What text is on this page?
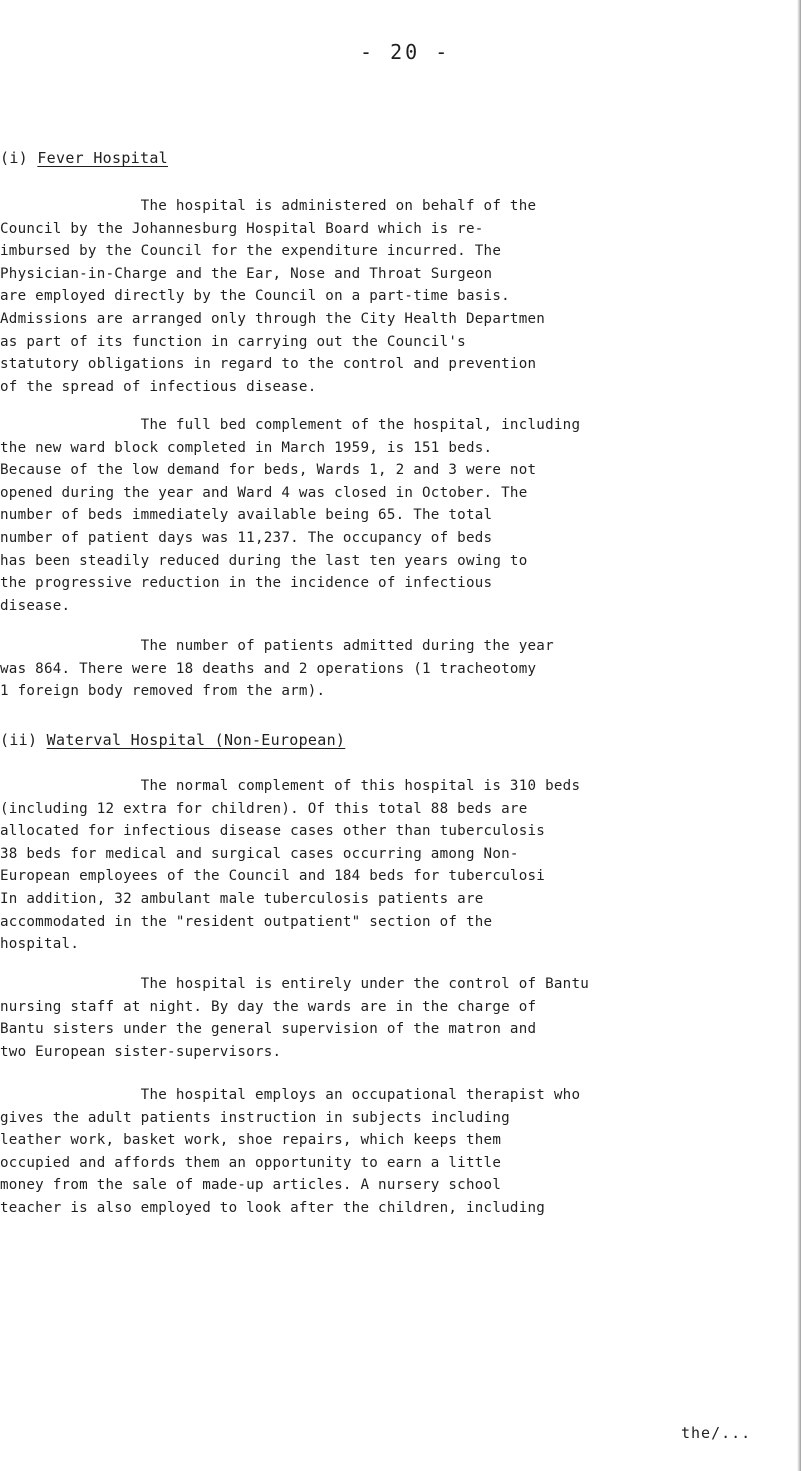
- 20 -
(i) Fever Hospital
The hospital is administered on behalf of the
Council by the Johannesburg Hospital Board which is re-
imbursed by the Council for the expenditure incurred. The
Physician-in-Charge and the Ear, Nose and Throat Surgeon
are employed directly by the Council on a part-time basis.
Admissions are arranged only through the City Health Departmen
as part of its function in carrying out the Council's
statutory obligations in regard to the control and prevention
of the spread of infectious disease.
The full bed complement of the hospital, including
the new ward block completed in March 1959, is 151 beds.
Because of the low demand for beds, Wards 1, 2 and 3 were not
opened during the year and Ward 4 was closed in October. The
number of beds immediately available being 65. The total
number of patient days was 11,237. The occupancy of beds
has been steadily reduced during the last ten years owing to
the progressive reduction in the incidence of infectious
disease.
The number of patients admitted during the year
was 864. There were 18 deaths and 2 operations (1 tracheotomy
1 foreign body removed from the arm).
(ii) Waterval Hospital (Non-European)
The normal complement of this hospital is 310 beds
(including 12 extra for children). Of this total 88 beds are
allocated for infectious disease cases other than tuberculosis
38 beds for medical and surgical cases occurring among Non-
European employees of the Council and 184 beds for tuberculosi
In addition, 32 ambulant male tuberculosis patients are
accommodated in the "resident outpatient" section of the
hospital.
The hospital is entirely under the control of Bantu
nursing staff at night. By day the wards are in the charge of
Bantu sisters under the general supervision of the matron and
two European sister-supervisors.
The hospital employs an occupational therapist who
gives the adult patients instruction in subjects including
leather work, basket work, shoe repairs, which keeps them
occupied and affords them an opportunity to earn a little
money from the sale of made-up articles. A nursery school
teacher is also employed to look after the children, including
the/...
